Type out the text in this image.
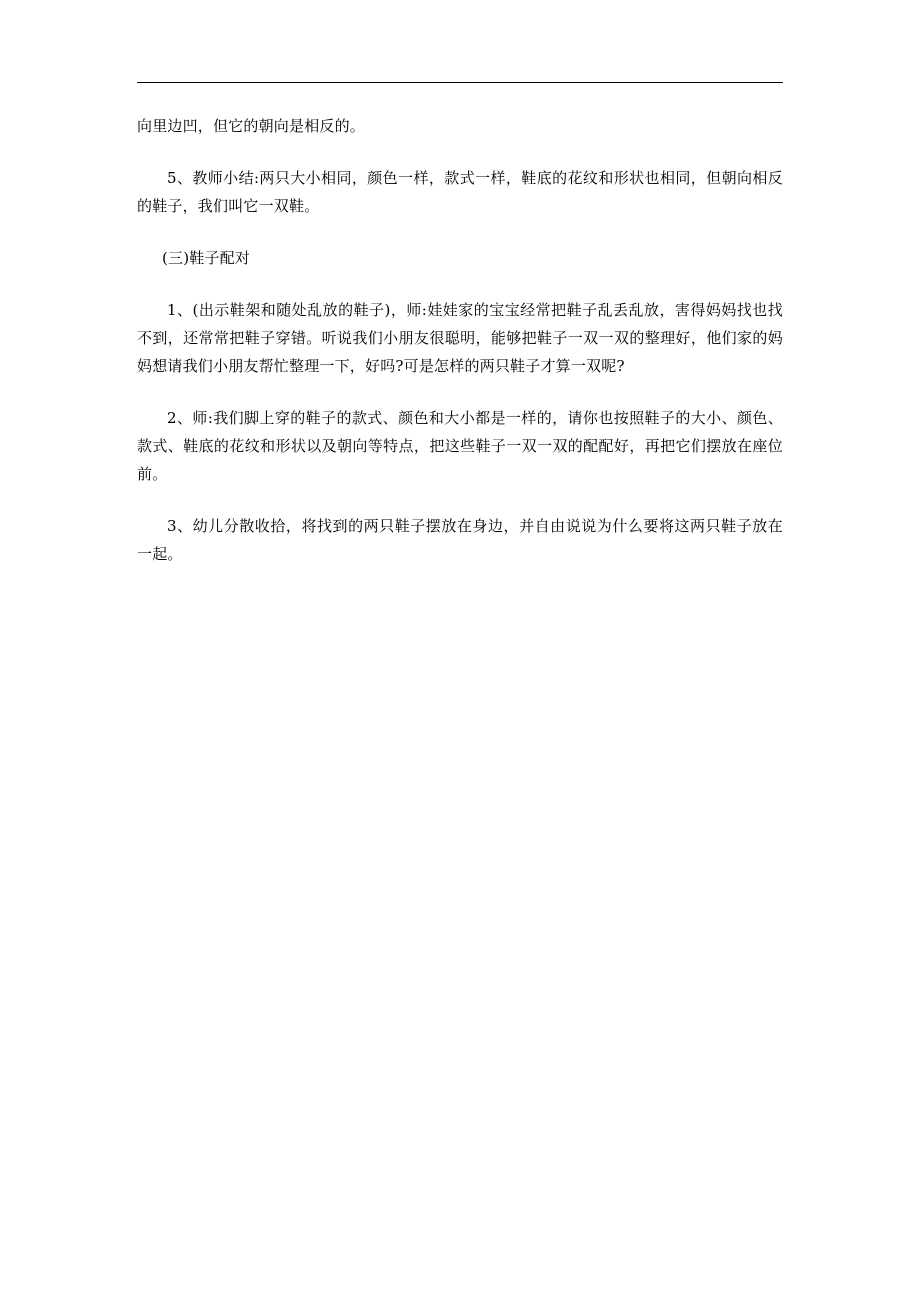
向里边凹，但它的朝向是相反的。

5、教师小结:两只大小相同，颜色一样，款式一样，鞋底的花纹和形状也相同，但朝向相反的鞋子，我们叫它一双鞋。

(三)鞋子配对

1、(出示鞋架和随处乱放的鞋子)，师:娃娃家的宝宝经常把鞋子乱丢乱放，害得妈妈找也找不到，还常常把鞋子穿错。听说我们小朋友很聪明，能够把鞋子一双一双的整理好，他们家的妈妈想请我们小朋友帮忙整理一下，好吗?可是怎样的两只鞋子才算一双呢?

2、师:我们脚上穿的鞋子的款式、颜色和大小都是一样的，请你也按照鞋子的大小、颜色、款式、鞋底的花纹和形状以及朝向等特点，把这些鞋子一双一双的配配好，再把它们摆放在座位前。

3、幼儿分散收拾，将找到的两只鞋子摆放在身边，并自由说说为什么要将这两只鞋子放在一起。
